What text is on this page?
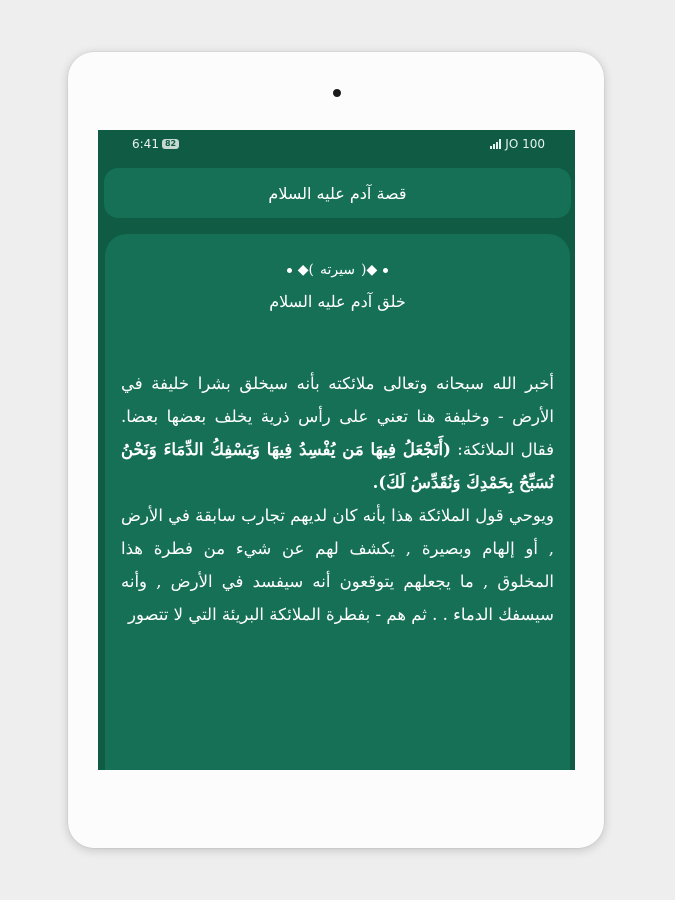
6:41 82	JO 100
قصة آدم عليه السلام
◆(
سيرته
)◆
خلق آدم عليه السلام

أخبر الله سبحانه وتعالى ملائكته بأنه سيخلق بشرا خليفة في الأرض - وخليفة هنا تعني على رأس ذرية يخلف بعضها بعضا. فقال الملائكة: (أَتَجْعَلُ فِيهَا مَن يُفْسِدُ فِيهَا وَيَسْفِكُ الدِّمَاءَ وَنَحْنُ نُسَبِّحُ بِحَمْدِكَ وَنُقَدِّسُ لَكَ).

ويوحي قول الملائكة هذا بأنه كان لديهم تجارب سابقة في الأرض , أو إلهام وبصيرة , يكشف لهم عن شيء من فطرة هذا المخلوق , ما يجعلهم يتوقعون أنه سيفسد في الأرض , وأنه سيسفك الدماء . . ثم هم - بفطرة الملائكة البريئة التي لا تتصور
